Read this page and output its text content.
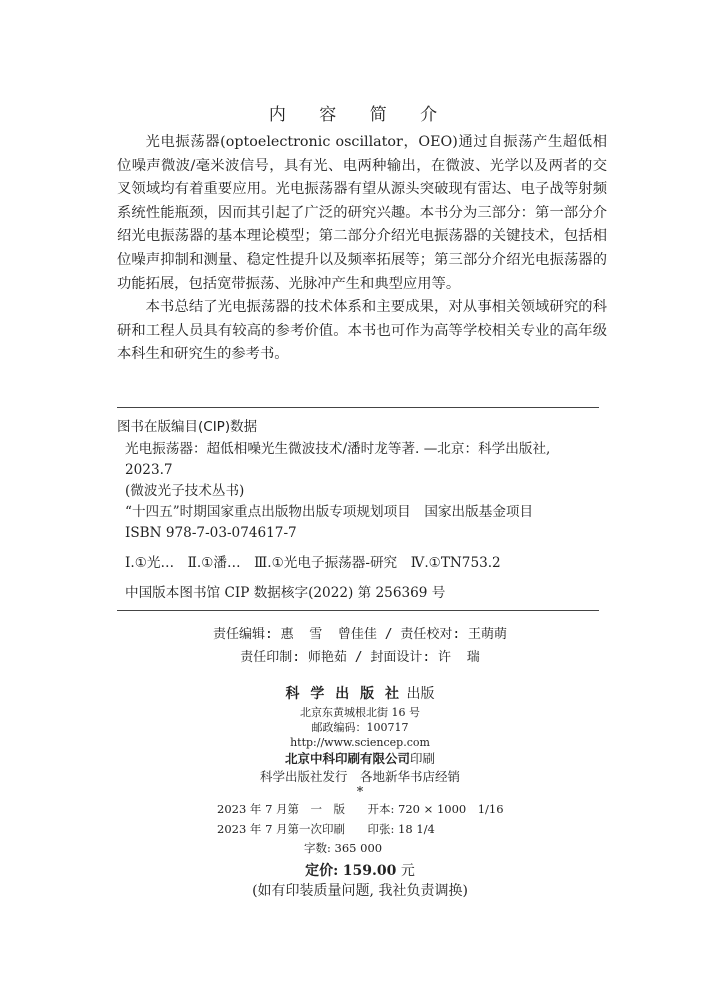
内 容 简 介

光电振荡器(optoelectronic oscillator，OEO)通过自振荡产生超低相位噪声微波/毫米波信号，具有光、电两种输出，在微波、光学以及两者的交叉领域均有着重要应用。光电振荡器有望从源头突破现有雷达、电子战等射频系统性能瓶颈，因而其引起了广泛的研究兴趣。本书分为三部分：第一部分介绍光电振荡器的基本理论模型；第二部分介绍光电振荡器的关键技术，包括相位噪声抑制和测量、稳定性提升以及频率拓展等；第三部分介绍光电振荡器的功能拓展，包括宽带振荡、光脉冲产生和典型应用等。

本书总结了光电振荡器的技术体系和主要成果，对从事相关领域研究的科研和工程人员具有较高的参考价值。本书也可作为高等学校相关专业的高年级本科生和研究生的参考书。

图书在版编目(CIP)数据
光电振荡器：超低相噪光生微波技术/潘时龙等著. —北京：科学出版社,
2023.7
(微波光子技术丛书)
“十四五”时期国家重点出版物出版专项规划项目　国家出版基金项目
ISBN 978-7-03-074617-7
Ⅰ.①光…　Ⅱ.①潘…　Ⅲ.①光电子振荡器-研究　Ⅳ.①TN753.2
中国版本图书馆 CIP 数据核字(2022) 第 256369 号
责任编辑: 惠  雪  曾佳佳 / 责任校对: 王萌萌
责任印制: 师艳茹 / 封面设计: 许  瑞
科 学 出 版 社 出版
北京东黄城根北街 16 号
邮政编码：100717
http://www.sciencep.com
北京中科印刷有限公司印刷
科学出版社发行　各地新华书店经销
*
2023 年 7 月第　一　版　   开本: 720 × 1000　1/16
2023 年 7 月第一次印刷　   印张: 18 1/4
字数: 365 000
定价: 159.00 元
(如有印装质量问题, 我社负责调换)
